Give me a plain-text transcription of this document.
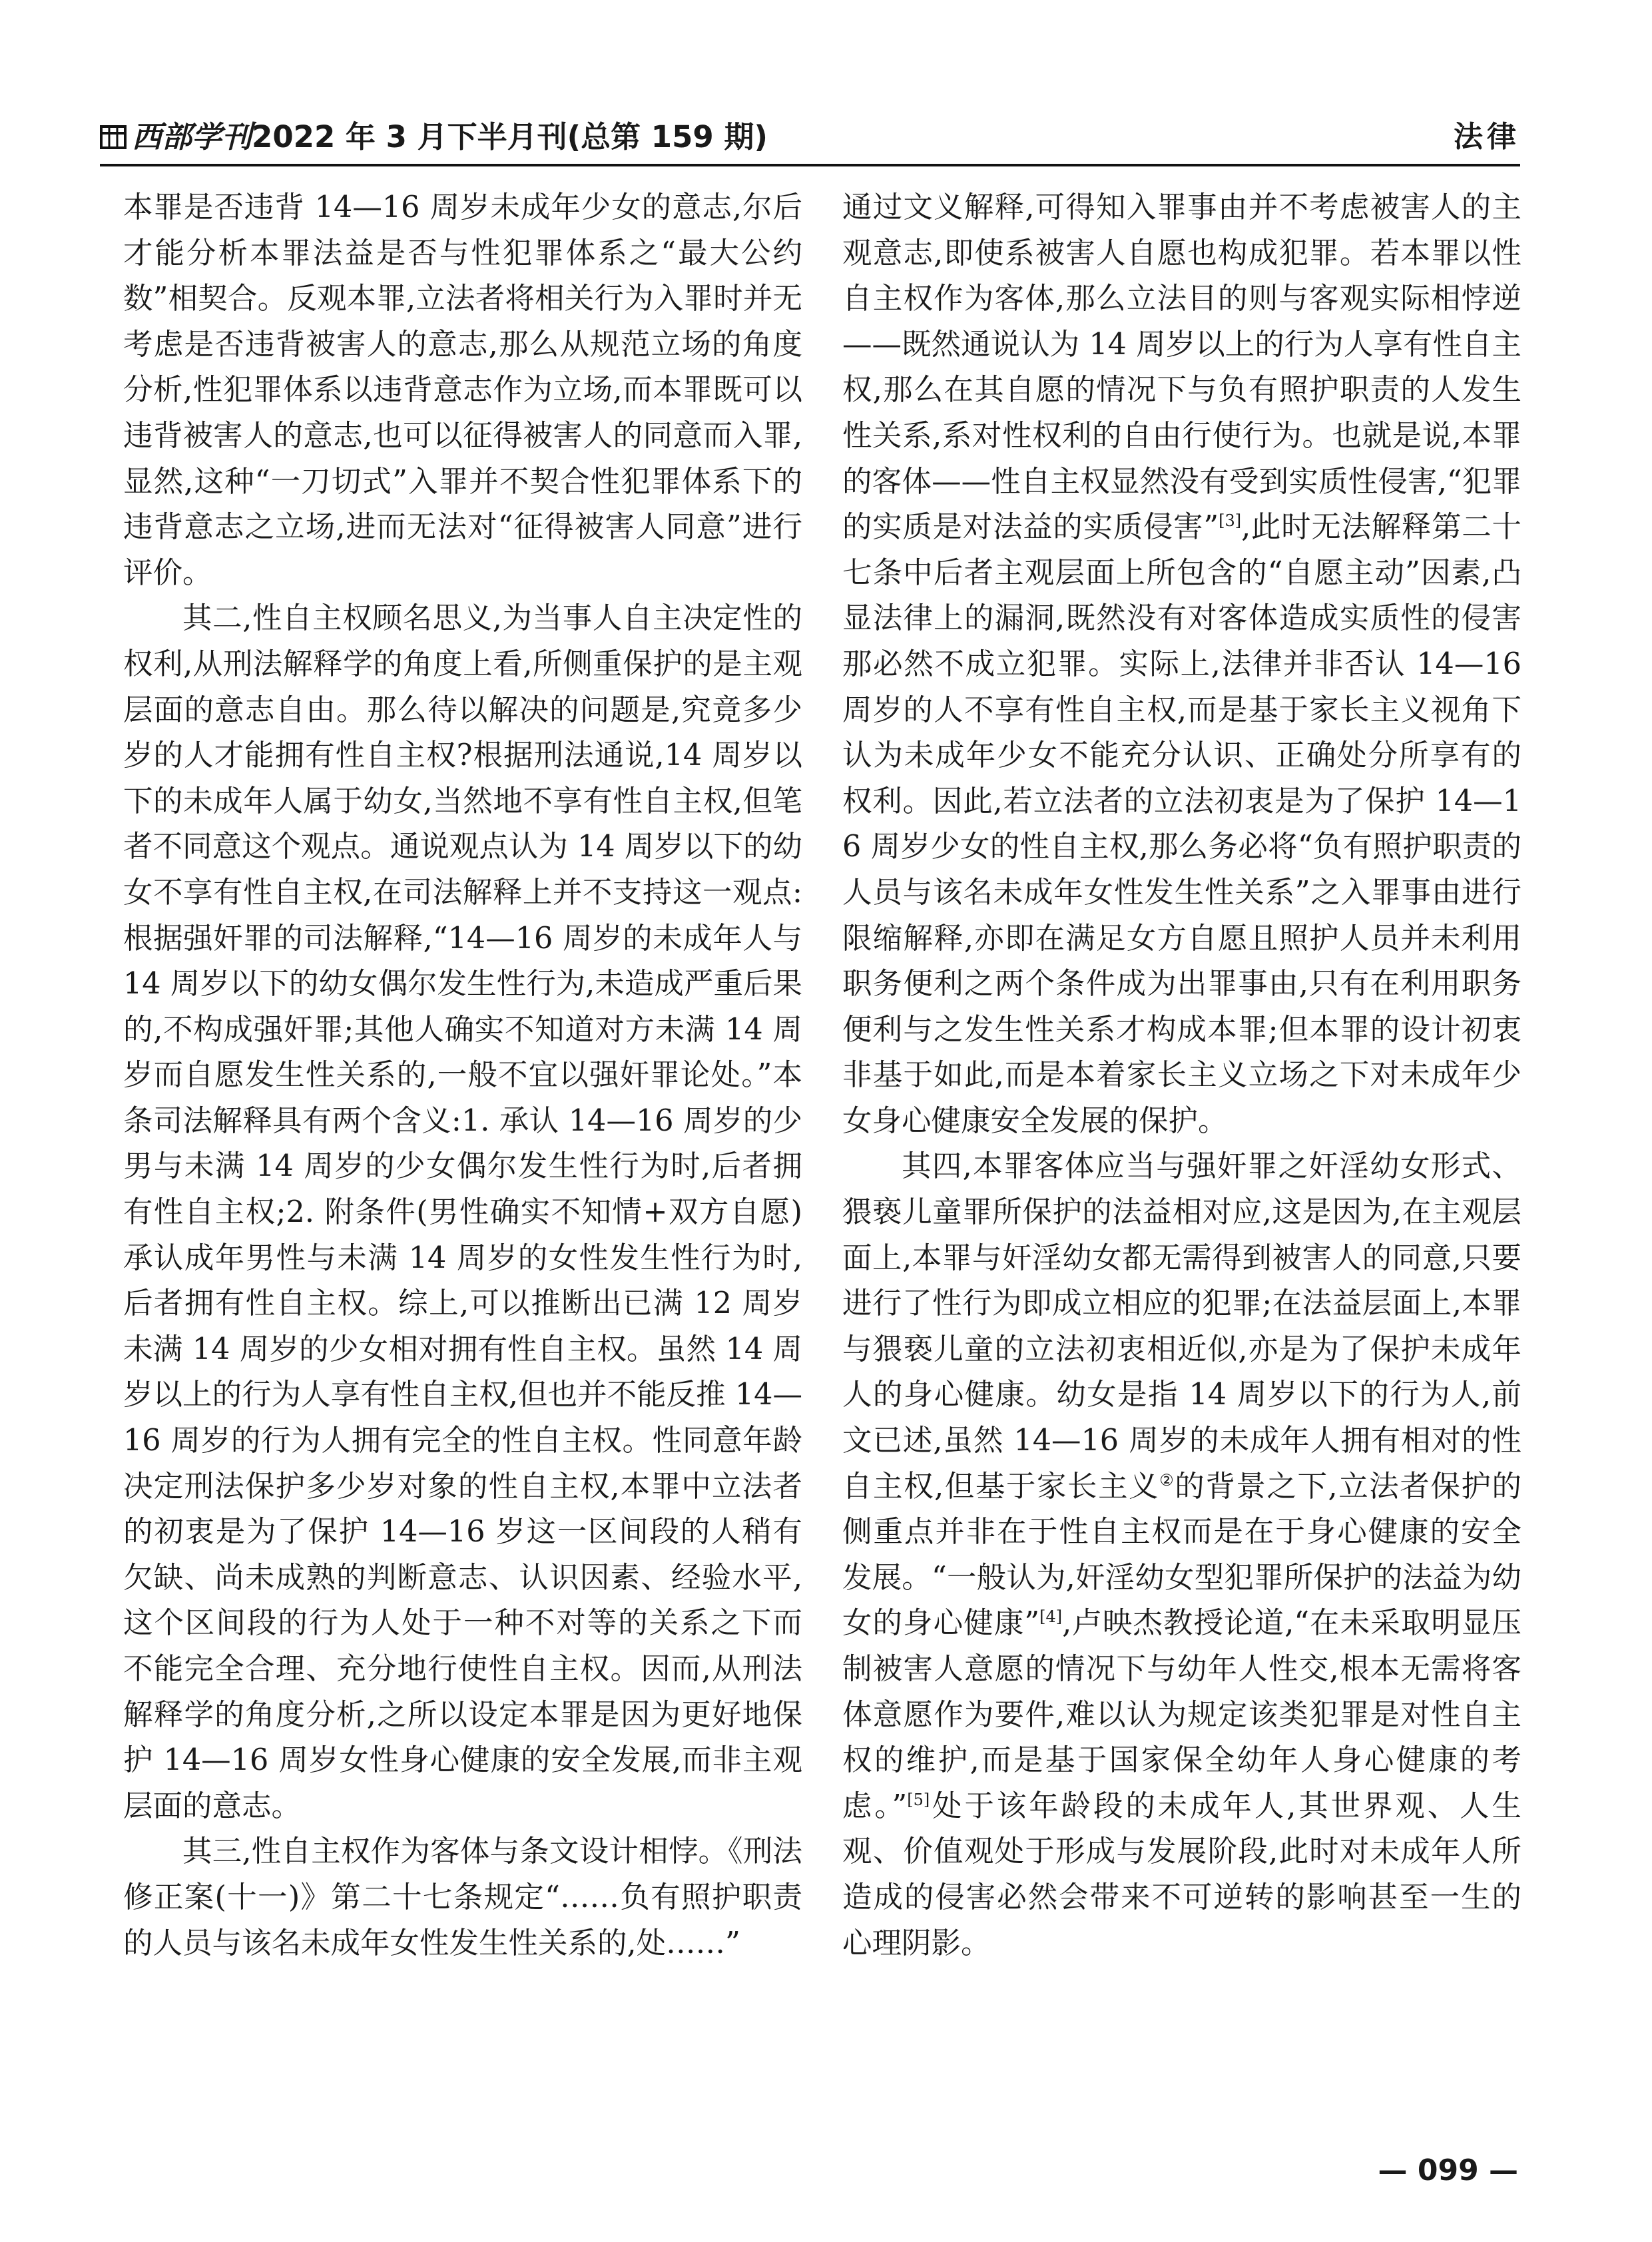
西部学刊2022 年 3 月下半月刊(总第 159 期)	法律

本罪是否违背 14—16 周岁未成年少女的意志,尔后才能分析本罪法益是否与性犯罪体系之“最大公约数”相契合。反观本罪,立法者将相关行为入罪时并无考虑是否违背被害人的意志,那么从规范立场的角度分析,性犯罪体系以违背意志作为立场,而本罪既可以违背被害人的意志,也可以征得被害人的同意而入罪,显然,这种“一刀切式”入罪并不契合性犯罪体系下的违背意志之立场,进而无法对“征得被害人同意”进行评价。

其二,性自主权顾名思义,为当事人自主决定性的权利,从刑法解释学的角度上看,所侧重保护的是主观层面的意志自由。那么待以解决的问题是,究竟多少岁的人才能拥有性自主权?根据刑法通说,14 周岁以下的未成年人属于幼女,当然地不享有性自主权,但笔者不同意这个观点。通说观点认为 14 周岁以下的幼女不享有性自主权,在司法解释上并不支持这一观点:根据强奸罪的司法解释,“14—16 周岁的未成年人与 14 周岁以下的幼女偶尔发生性行为,未造成严重后果的,不构成强奸罪;其他人确实不知道对方未满 14 周岁而自愿发生性关系的,一般不宜以强奸罪论处。”本条司法解释具有两个含义:1. 承认 14—16 周岁的少男与未满 14 周岁的少女偶尔发生性行为时,后者拥有性自主权;2. 附条件(男性确实不知情+双方自愿)承认成年男性与未满 14 周岁的女性发生性行为时,后者拥有性自主权。综上,可以推断出已满 12 周岁未满 14 周岁的少女相对拥有性自主权。虽然 14 周岁以上的行为人享有性自主权,但也并不能反推 14—16 周岁的行为人拥有完全的性自主权。性同意年龄决定刑法保护多少岁对象的性自主权,本罪中立法者的初衷是为了保护 14—16 岁这一区间段的人稍有欠缺、尚未成熟的判断意志、认识因素、经验水平,这个区间段的行为人处于一种不对等的关系之下而不能完全合理、充分地行使性自主权。因而,从刑法解释学的角度分析,之所以设定本罪是因为更好地保护 14—16 周岁女性身心健康的安全发展,而非主观层面的意志。

其三,性自主权作为客体与条文设计相悖。《刑法修正案(十一)》第二十七条规定“……负有照护职责的人员与该名未成年女性发生性关系的,处……”

通过文义解释,可得知入罪事由并不考虑被害人的主观意志,即使系被害人自愿也构成犯罪。若本罪以性自主权作为客体,那么立法目的则与客观实际相悖逆——既然通说认为 14 周岁以上的行为人享有性自主权,那么在其自愿的情况下与负有照护职责的人发生性关系,系对性权利的自由行使行为。也就是说,本罪的客体——性自主权显然没有受到实质性侵害,“犯罪的实质是对法益的实质侵害”[3],此时无法解释第二十七条中后者主观层面上所包含的“自愿主动”因素,凸显法律上的漏洞,既然没有对客体造成实质性的侵害那必然不成立犯罪。实际上,法律并非否认 14—16 周岁的人不享有性自主权,而是基于家长主义视角下认为未成年少女不能充分认识、正确处分所享有的权利。因此,若立法者的立法初衷是为了保护 14—16 周岁少女的性自主权,那么务必将“负有照护职责的人员与该名未成年女性发生性关系”之入罪事由进行限缩解释,亦即在满足女方自愿且照护人员并未利用职务便利之两个条件成为出罪事由,只有在利用职务便利与之发生性关系才构成本罪;但本罪的设计初衷非基于如此,而是本着家长主义立场之下对未成年少女身心健康安全发展的保护。

其四,本罪客体应当与强奸罪之奸淫幼女形式、猥亵儿童罪所保护的法益相对应,这是因为,在主观层面上,本罪与奸淫幼女都无需得到被害人的同意,只要进行了性行为即成立相应的犯罪;在法益层面上,本罪与猥亵儿童的立法初衷相近似,亦是为了保护未成年人的身心健康。幼女是指 14 周岁以下的行为人,前文已述,虽然 14—16 周岁的未成年人拥有相对的性自主权,但基于家长主义②的背景之下,立法者保护的侧重点并非在于性自主权而是在于身心健康的安全发展。“一般认为,奸淫幼女型犯罪所保护的法益为幼女的身心健康”[4],卢映杰教授论道,“在未采取明显压制被害人意愿的情况下与幼年人性交,根本无需将客体意愿作为要件,难以认为规定该类犯罪是对性自主权的维护,而是基于国家保全幼年人身心健康的考虑。”[5]处于该年龄段的未成年人,其世界观、人生观、价值观处于形成与发展阶段,此时对未成年人所造成的侵害必然会带来不可逆转的影响甚至一生的心理阴影。

— 099 —
